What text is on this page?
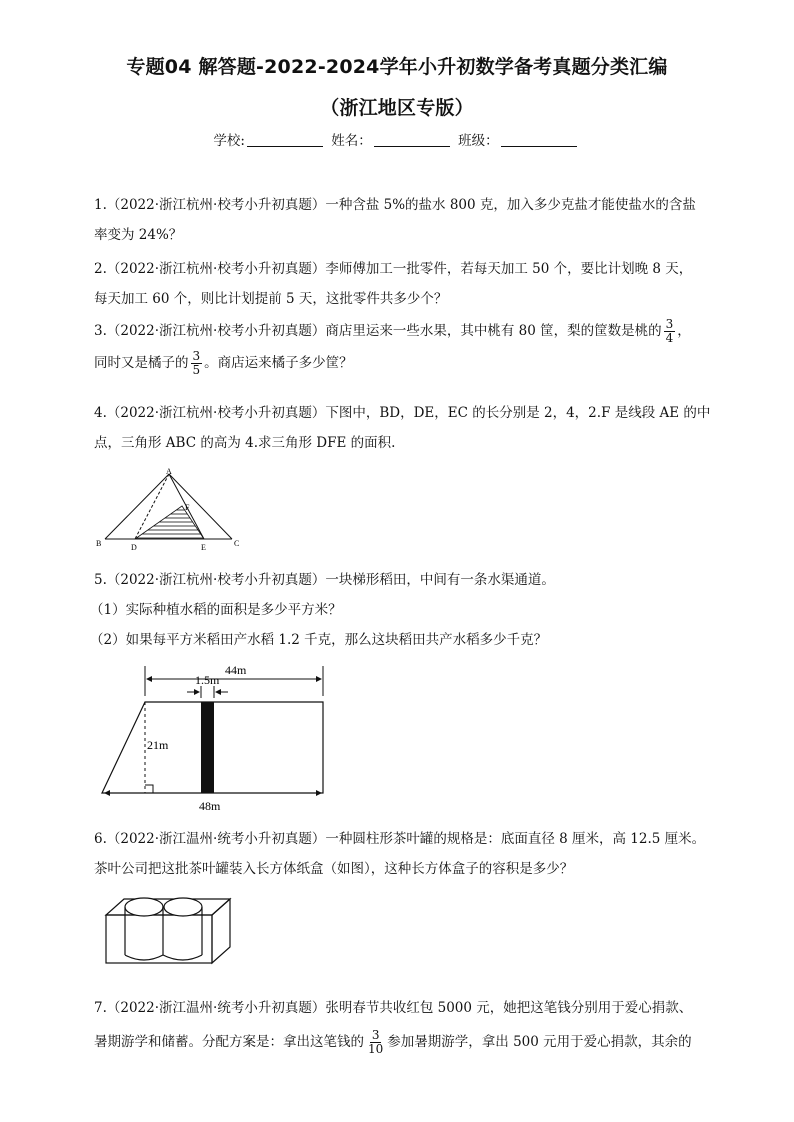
专题04 解答题-2022-2024学年小升初数学备考真题分类汇编
（浙江地区专版）
学校:	姓名：	班级：
1.（2022·浙江杭州·校考小升初真题）一种含盐 5%的盐水 800 克，加入多少克盐才能使盐水的含盐
率变为 24%？
2.（2022·浙江杭州·校考小升初真题）李师傅加工一批零件，若每天加工 50 个，要比计划晚 8 天，
每天加工 60 个，则比计划提前 5 天，这批零件共多少个？
3.（2022·浙江杭州·校考小升初真题）商店里运来一些水果，其中桃有 80 筐，梨的筐数是桃的 $\frac{3}{4}$ ，
同时又是橘子的 $\frac{3}{5}$ 。商店运来橘子多少筐？
4.（2022·浙江杭州·校考小升初真题）下图中，BD，DE，EC 的长分别是 2，4，2.F 是线段 AE 的中
点，三角形 ABC 的高为 4.求三角形 DFE 的面积.
A
B	C
D	E
F
5.（2022·浙江杭州·校考小升初真题）一块梯形稻田，中间有一条水渠通道。
（1）实际种植水稻的面积是多少平方米？
（2）如果每平方米稻田产水稻 1.2 千克，那么这块稻田共产水稻多少千克？
44m
1.5m
21m
48m
6.（2022·浙江温州·统考小升初真题）一种圆柱形茶叶罐的规格是：底面直径 8 厘米，高 12.5 厘米。
茶叶公司把这批茶叶罐装入长方体纸盒（如图），这种长方体盒子的容积是多少？
7.（2022·浙江温州·统考小升初真题）张明春节共收红包 5000 元，她把这笔钱分别用于爱心捐款、
暑期游学和储蓄。分配方案是：拿出这笔钱的 $\frac{3}{10}$ 参加暑期游学，拿出 500 元用于爱心捐款，其余的
